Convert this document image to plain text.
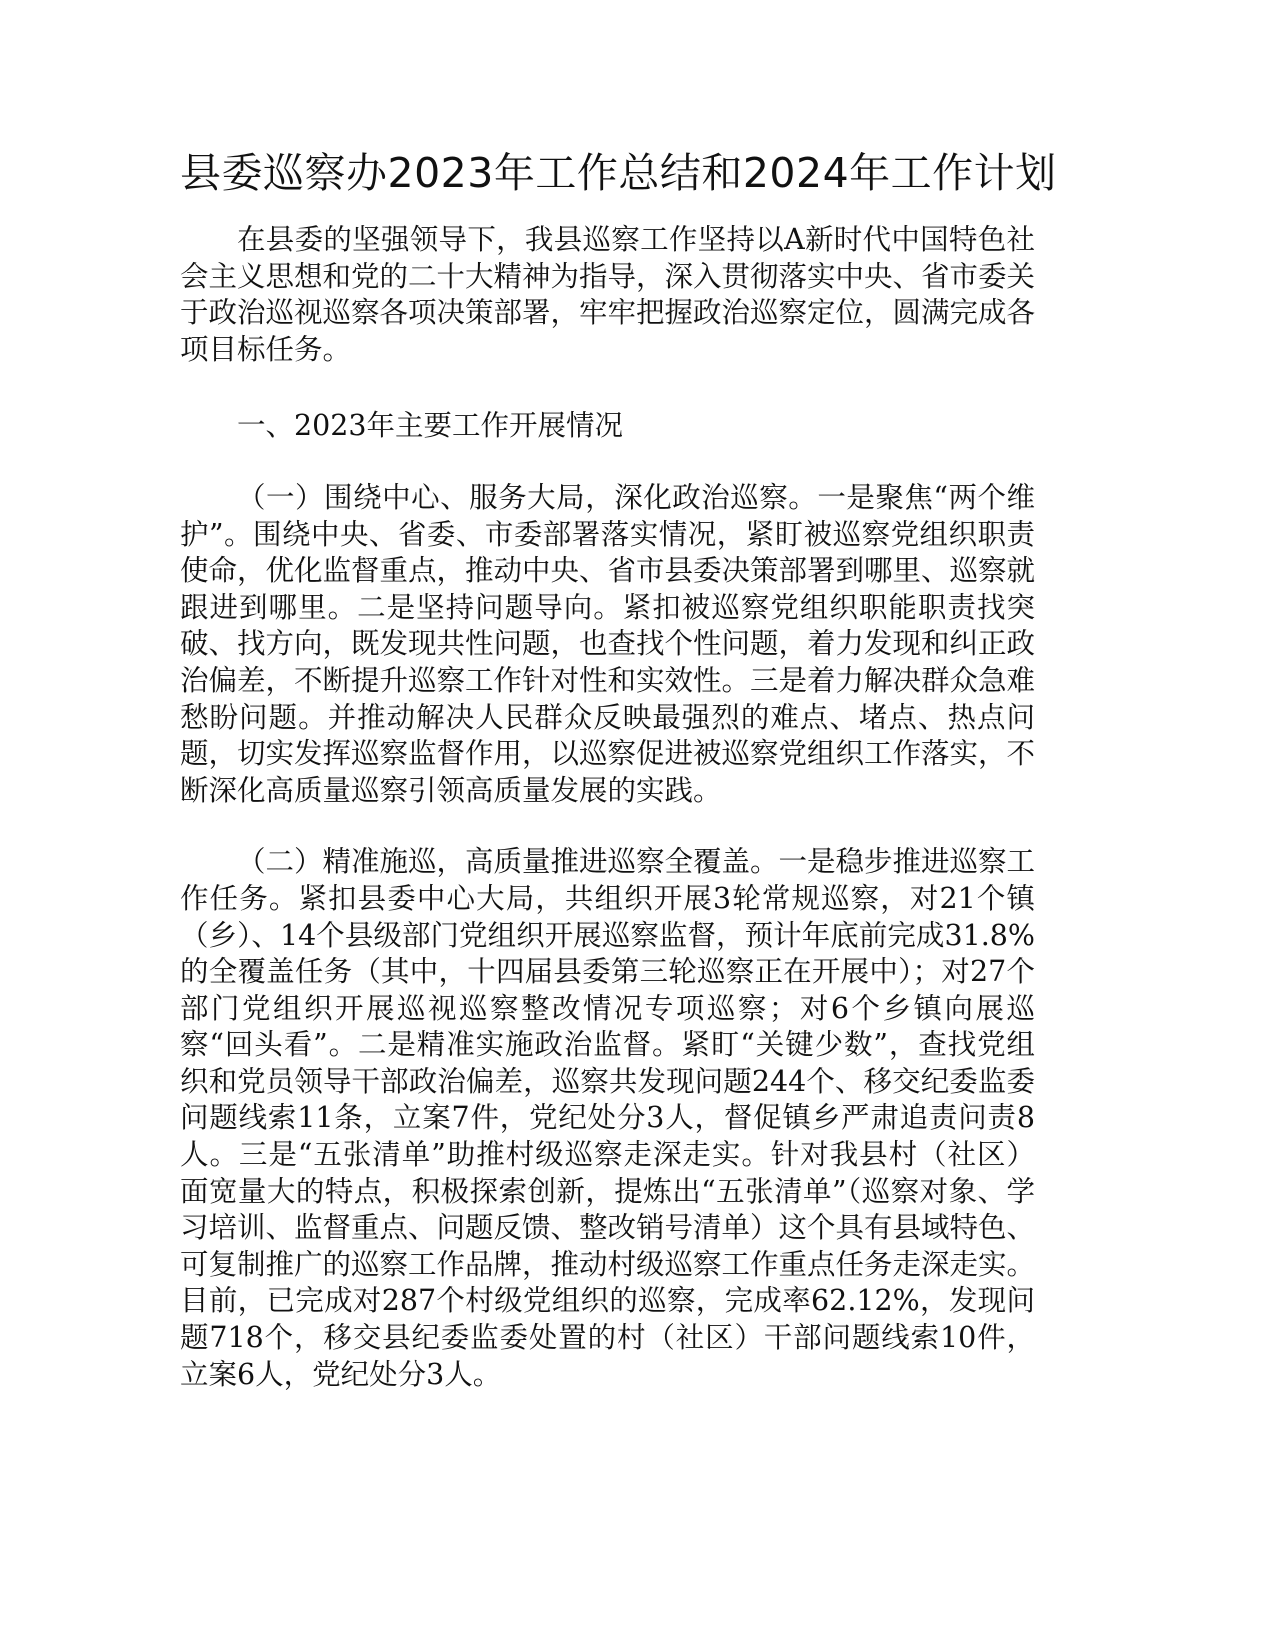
县委巡察办2023年工作总结和2024年工作计划

在县委的坚强领导下，我县巡察工作坚持以A新时代中国特色社会主义思想和党的二十大精神为指导，深入贯彻落实中央、省市委关于政治巡视巡察各项决策部署，牢牢把握政治巡察定位，圆满完成各项目标任务。

一、2023年主要工作开展情况

（一）围绕中心、服务大局，深化政治巡察。一是聚焦“两个维护”。围绕中央、省委、市委部署落实情况，紧盯被巡察党组织职责使命，优化监督重点，推动中央、省市县委决策部署到哪里、巡察就跟进到哪里。二是坚持问题导向。紧扣被巡察党组织职能职责找突破、找方向，既发现共性问题，也查找个性问题，着力发现和纠正政治偏差，不断提升巡察工作针对性和实效性。三是着力解决群众急难愁盼问题。并推动解决人民群众反映最强烈的难点、堵点、热点问题，切实发挥巡察监督作用，以巡察促进被巡察党组织工作落实，不断深化高质量巡察引领高质量发展的实践。

（二）精准施巡，高质量推进巡察全覆盖。一是稳步推进巡察工作任务。紧扣县委中心大局，共组织开展3轮常规巡察，对21个镇（乡）、14个县级部门党组织开展巡察监督，预计年底前完成31.8%的全覆盖任务（其中，十四届县委第三轮巡察正在开展中）；对27个部门党组织开展巡视巡察整改情况专项巡察；对6个乡镇向展巡察“回头看”。二是精准实施政治监督。紧盯“关键少数”，查找党组织和党员领导干部政治偏差，巡察共发现问题244个、移交纪委监委问题线索11条，立案7件，党纪处分3人，督促镇乡严肃追责问责8人。三是“五张清单”助推村级巡察走深走实。针对我县村（社区）面宽量大的特点，积极探索创新，提炼出“五张清单”（巡察对象、学习培训、监督重点、问题反馈、整改销号清单）这个具有县域特色、可复制推广的巡察工作品牌，推动村级巡察工作重点任务走深走实。目前，已完成对287个村级党组织的巡察，完成率62.12%，发现问题718个，移交县纪委监委处置的村（社区）干部问题线索10件，立案6人，党纪处分3人。
